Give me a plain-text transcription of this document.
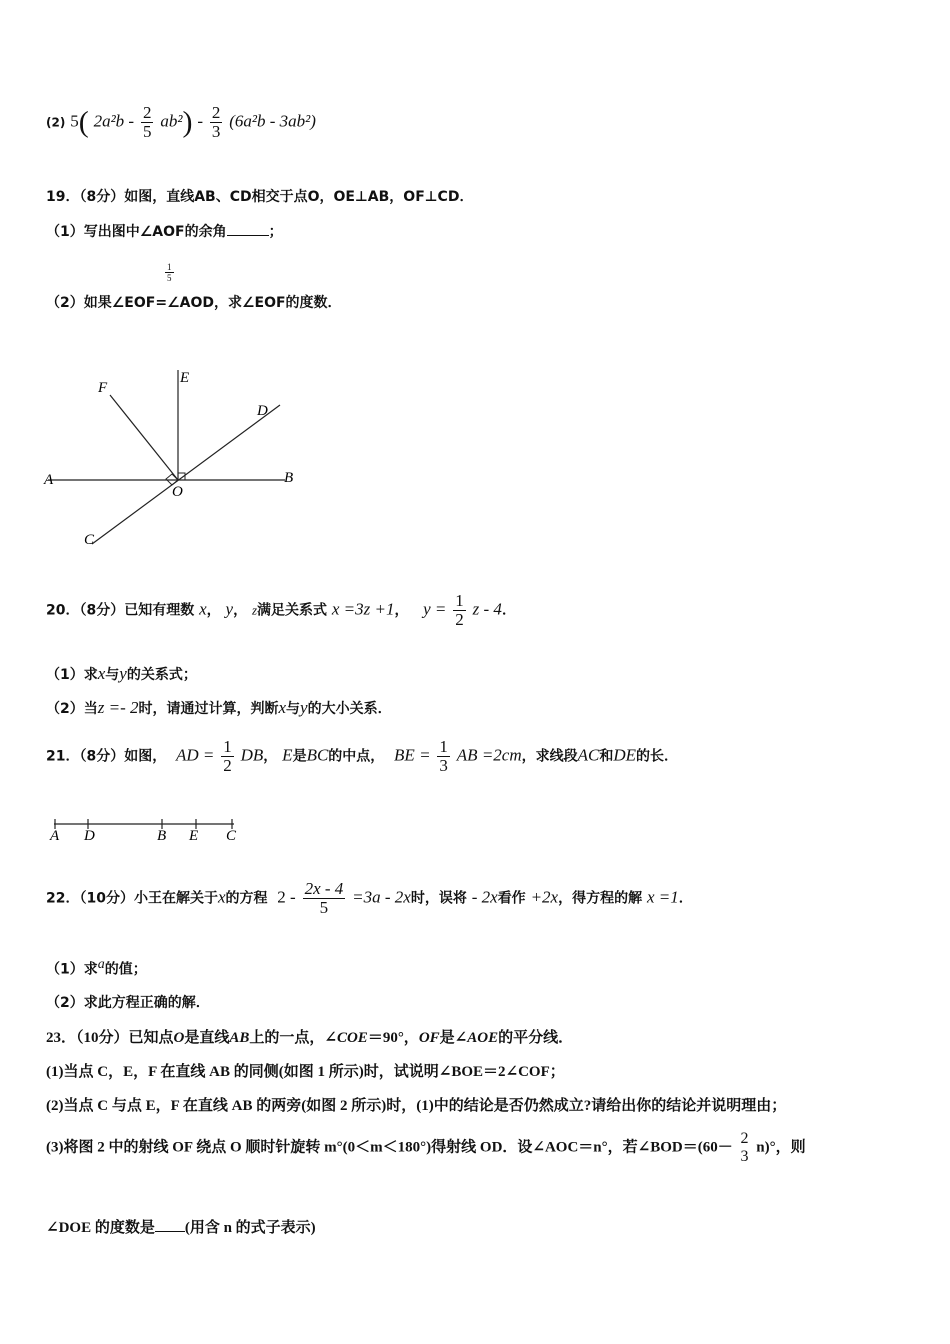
(2) 5( $2a^2b - \frac{2}{5} ab^2) - \frac{2}{3} (6a^2b - 3ab^2)$
19．（8分）如图，直线AB、CD相交于点O，OE⊥AB，OF⊥CD．
（1）写出图中∠AOF的余角	；
$\frac{1}{5}$
（2）如果∠EOF=∠AOD，求∠EOF的度数．
F
E
D
A
O
B
C
20．（8分）已知有理数 x， y， z满足关系式 x =3z +1， $y = \frac{1}{2}$ z - 4．
（1）求x与y的关系式；
（2）当z =- 2时，请通过计算，判断x与y的大小关系．
21．（8分）如图， AD = $\frac{1}{2}$ DB， E是BC的中点， BE = $\frac{1}{3}$ AB =2cm，求线段AC和DE的长．
A D	B E C
22．（10分）小王在解关于x的方程 $2 - \frac{2x - 4}{5} =3a - 2x$时，误将 - 2x看作 +2x，得方程的解 x =1．
（1）求$^a$的值；
（2）求此方程正确的解．
23．（10分）已知点O是直线AB上的一点，∠COE＝90°，OF是∠AOE的平分线．
(1)当点 C，E，F 在直线 AB 的同侧(如图 1 所示)时，试说明∠BOE＝2∠COF；
(2)当点 C 与点 E，F 在直线 AB 的两旁(如图 2 所示)时，(1)中的结论是否仍然成立?请给出你的结论并说明理由；
(3)将图 2 中的射线 OF 绕点 O 顺时针旋转 m°(0＜m＜180°)得射线 OD．设∠AOC＝n°，若∠BOD＝(60－
2
3
n)°，则
∠DOE 的度数是 (用含 n 的式子表示)
